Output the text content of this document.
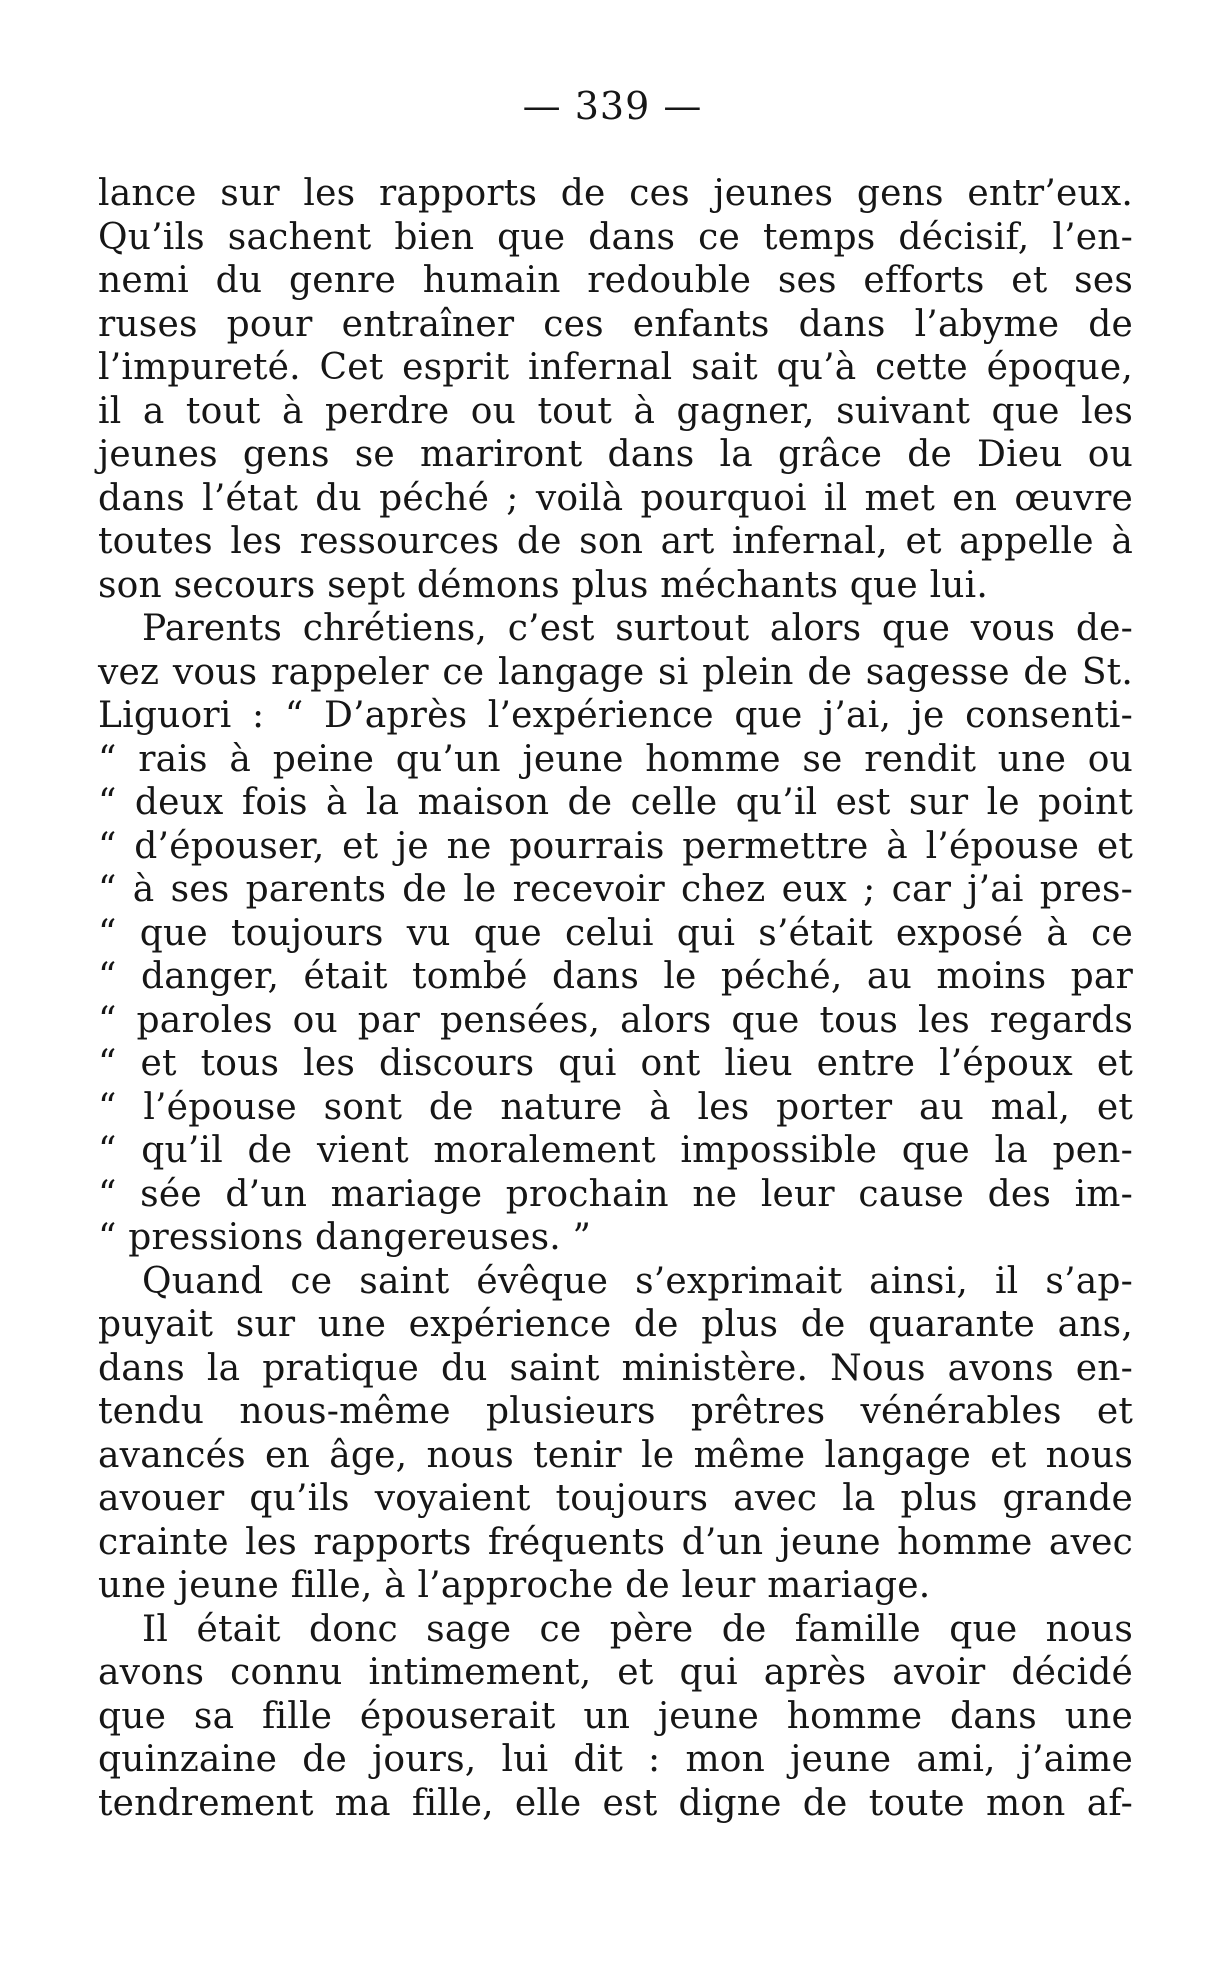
— 339 —
lance sur les rapports de ces jeunes gens entr’eux.
Qu’ils sachent bien que dans ce temps décisif, l’en-
nemi du genre humain redouble ses efforts et ses
ruses pour entraîner ces enfants dans l’abyme de
l’impureté. Cet esprit infernal sait qu’à cette époque,
il a tout à perdre ou tout à gagner, suivant que les
jeunes gens se mariront dans la grâce de Dieu ou
dans l’état du péché ; voilà pourquoi il met en œuvre
toutes les ressources de son art infernal, et appelle à
son secours sept démons plus méchants que lui.
Parents chrétiens, c’est surtout alors que vous de-
vez vous rappeler ce langage si plein de sagesse de St.
Liguori : “ D’après l’expérience que j’ai, je consenti-
“ rais à peine qu’un jeune homme se rendit une ou
“ deux fois à la maison de celle qu’il est sur le point
“ d’épouser, et je ne pourrais permettre à l’épouse et
“ à ses parents de le recevoir chez eux ; car j’ai pres-
“ que toujours vu que celui qui s’était exposé à ce
“ danger, était tombé dans le péché, au moins par
“ paroles ou par pensées, alors que tous les regards
“ et tous les discours qui ont lieu entre l’époux et
“ l’épouse sont de nature à les porter au mal, et
“ qu’il de vient moralement impossible que la pen-
“ sée d’un mariage prochain ne leur cause des im-
“ pressions dangereuses. ”
Quand ce saint évêque s’exprimait ainsi, il s’ap-
puyait sur une expérience de plus de quarante ans,
dans la pratique du saint ministère. Nous avons en-
tendu nous-même plusieurs prêtres vénérables et
avancés en âge, nous tenir le même langage et nous
avouer qu’ils voyaient toujours avec la plus grande
crainte les rapports fréquents d’un jeune homme avec
une jeune fille, à l’approche de leur mariage.
Il était donc sage ce père de famille que nous
avons connu intimement, et qui après avoir décidé
que sa fille épouserait un jeune homme dans une
quinzaine de jours, lui dit : mon jeune ami, j’aime
tendrement ma fille, elle est digne de toute mon af-
